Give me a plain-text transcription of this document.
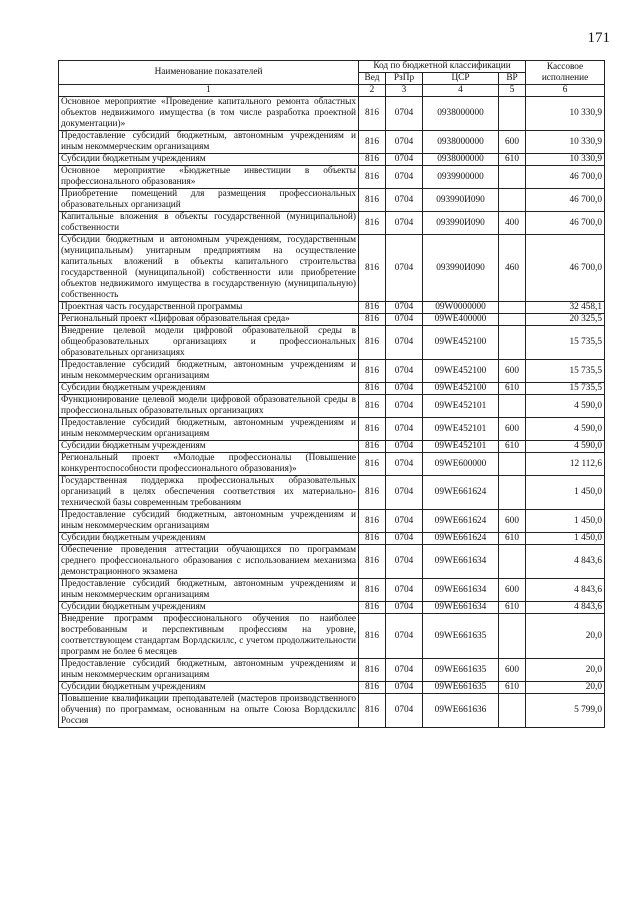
171
Наименование показателей	Код по бюджетной классификации				Кассовое исполнение
	Вед	РзПр	ЦСР	ВР	
1	2	3	4	5	6
Основное мероприятие «Проведение капитального ремонта областных объектов недвижимого имущества (в том числе разработка проектной документации)»	816	0704	0938000000		10 330,9
Предоставление субсидий бюджетным, автономным учреждениям и иным некоммерческим организациям	816	0704	0938000000	600	10 330,9
Субсидии бюджетным учреждениям	816	0704	0938000000	610	10 330,9
Основное мероприятие «Бюджетные инвестиции в объекты профессионального образования»	816	0704	0939900000		46 700,0
Приобретение помещений для размещения профессиональных образовательных организаций	816	0704	093990И090		46 700,0
Капитальные вложения в объекты государственной (муниципальной) собственности	816	0704	093990И090	400	46 700,0
Субсидии бюджетным и автономным учреждениям, государственным (муниципальным) унитарным предприятиям на осуществление капитальных вложений в объекты капитального строительства государственной (муниципальной) собственности или приобретение объектов недвижимого имущества в государственную (муниципальную) собственность	816	0704	093990И090	460	46 700,0
Проектная часть государственной программы	816	0704	09W0000000		32 458,1
Региональный проект «Цифровая образовательная среда»	816	0704	09WE400000		20 325,5
Внедрение целевой модели цифровой образовательной среды в общеобразовательных организациях и профессиональных образовательных организациях	816	0704	09WE452100		15 735,5
Предоставление субсидий бюджетным, автономным учреждениям и иным некоммерческим организациям	816	0704	09WE452100	600	15 735,5
Субсидии бюджетным учреждениям	816	0704	09WE452100	610	15 735,5
Функционирование целевой модели цифровой образовательной среды в профессиональных образовательных организациях	816	0704	09WE452101		4 590,0
Предоставление субсидий бюджетным, автономным учреждениям и иным некоммерческим организациям	816	0704	09WE452101	600	4 590,0
Субсидии бюджетным учреждениям	816	0704	09WE452101	610	4 590,0
Региональный проект «Молодые профессионалы (Повышение конкурентоспособности профессионального образования)»	816	0704	09WE600000		12 112,6
Государственная поддержка профессиональных образовательных организаций в целях обеспечения соответствия их материально-технической базы современным требованиям	816	0704	09WE661624		1 450,0
Предоставление субсидий бюджетным, автономным учреждениям и иным некоммерческим организациям	816	0704	09WE661624	600	1 450,0
Субсидии бюджетным учреждениям	816	0704	09WE661624	610	1 450,0
Обеспечение проведения аттестации обучающихся по программам среднего профессионального образования с использованием механизма демонстрационного экзамена	816	0704	09WE661634		4 843,6
Предоставление субсидий бюджетным, автономным учреждениям и иным некоммерческим организациям	816	0704	09WE661634	600	4 843,6
Субсидии бюджетным учреждениям	816	0704	09WE661634	610	4 843,6
Внедрение программ профессионального обучения по наиболее востребованным и перспективным профессиям на уровне, соответствующем стандартам Ворлдскиллс, с учетом продолжительности программ не более 6 месяцев	816	0704	09WE661635		20,0
Предоставление субсидий бюджетным, автономным учреждениям и иным некоммерческим организациям	816	0704	09WE661635	600	20,0
Субсидии бюджетным учреждениям	816	0704	09WE661635	610	20,0
Повышение квалификации преподавателей (мастеров производственного обучения) по программам, основанным на опыте Союза Ворлдскиллс Россия	816	0704	09WE661636		5 799,0
